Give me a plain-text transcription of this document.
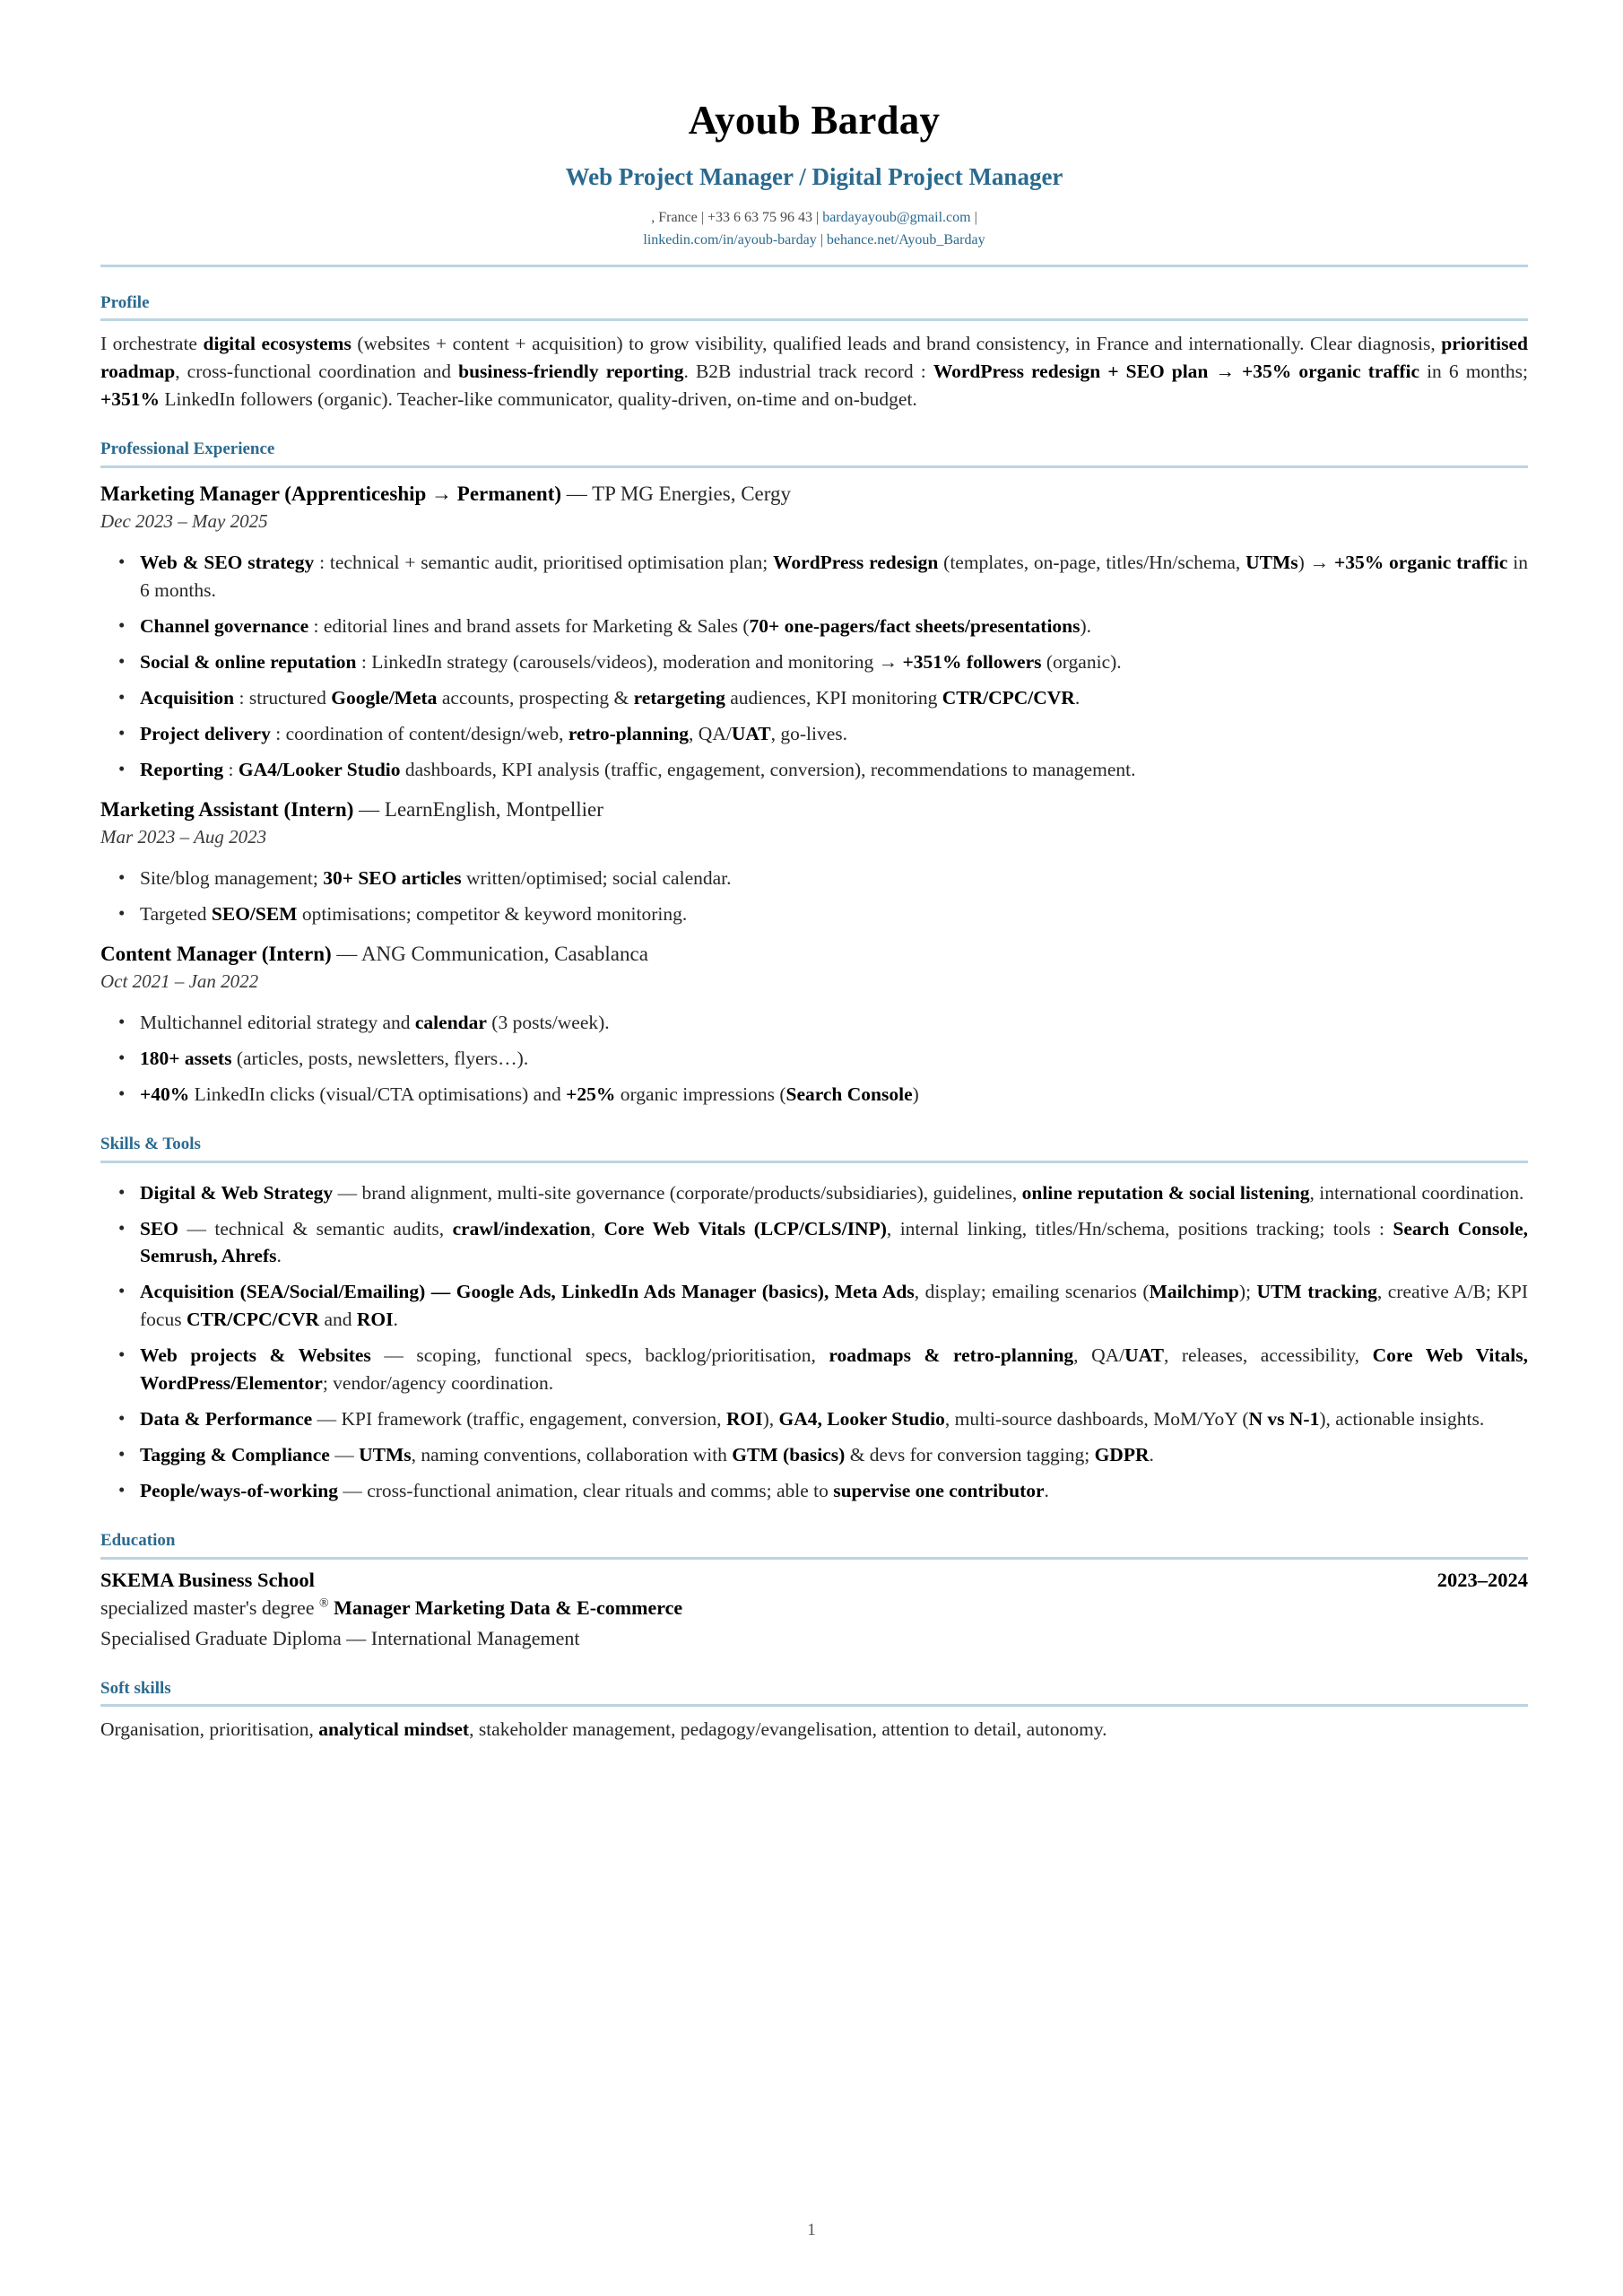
Ayoub Barday
Web Project Manager / Digital Project Manager
, France | +33 6 63 75 96 43 | bardayayoub@gmail.com |
linkedin.com/in/ayoub-barday | behance.net/Ayoub_Barday
Profile

I orchestrate digital ecosystems (websites + content + acquisition) to grow visibility, qualified leads and brand consistency, in France and internationally. Clear diagnosis, prioritised roadmap, cross-functional coordination and business-friendly reporting. B2B industrial track record : WordPress redesign + SEO plan → +35% organic traffic in 6 months; +351% LinkedIn followers (organic). Teacher-like communicator, quality-driven, on-time and on-budget.

Professional Experience
Marketing Manager (Apprenticeship → Permanent) — TP MG Energies, Cergy
Dec 2023 – May 2025
• Web & SEO strategy : technical + semantic audit, prioritised optimisation plan; WordPress redesign (templates, on-page, titles/Hn/schema, UTMs) → +35% organic traffic in 6 months.
• Channel governance : editorial lines and brand assets for Marketing & Sales (70+ one-pagers/fact sheets/presentations).
• Social & online reputation : LinkedIn strategy (carousels/videos), moderation and monitoring → +351% followers (organic).
• Acquisition : structured Google/Meta accounts, prospecting & retargeting audiences, KPI monitoring CTR/CPC/CVR.
• Project delivery : coordination of content/design/web, retro-planning, QA/UAT, go-lives.
• Reporting : GA4/Looker Studio dashboards, KPI analysis (traffic, engagement, conversion), recommendations to management.
Marketing Assistant (Intern) — LearnEnglish, Montpellier
Mar 2023 – Aug 2023
• Site/blog management; 30+ SEO articles written/optimised; social calendar.
• Targeted SEO/SEM optimisations; competitor & keyword monitoring.
Content Manager (Intern) — ANG Communication, Casablanca
Oct 2021 – Jan 2022
• Multichannel editorial strategy and calendar (3 posts/week).
• 180+ assets (articles, posts, newsletters, flyers…).
• +40% LinkedIn clicks (visual/CTA optimisations) and +25% organic impressions (Search Console)
Skills & Tools
• Digital & Web Strategy — brand alignment, multi-site governance (corporate/products/subsidiaries), guidelines, online reputation & social listening, international coordination.
• SEO — technical & semantic audits, crawl/indexation, Core Web Vitals (LCP/CLS/INP), internal linking, titles/Hn/schema, positions tracking; tools : Search Console, Semrush, Ahrefs.
• Acquisition (SEA/Social/Emailing) — Google Ads, LinkedIn Ads Manager (basics), Meta Ads, display; emailing scenarios (Mailchimp); UTM tracking, creative A/B; KPI focus CTR/CPC/CVR and ROI.
• Web projects & Websites — scoping, functional specs, backlog/prioritisation, roadmaps & retro-planning, QA/UAT, releases, accessibility, Core Web Vitals, WordPress/Elementor; vendor/agency coordination.
• Data & Performance — KPI framework (traffic, engagement, conversion, ROI), GA4, Looker Studio, multi-source dashboards, MoM/YoY (N vs N-1), actionable insights.
• Tagging & Compliance — UTMs, naming conventions, collaboration with GTM (basics) & devs for conversion tagging; GDPR.
• People/ways-of-working — cross-functional animation, clear rituals and comms; able to supervise one contributor.
Education
SKEMA Business School	2023–2024
specialized master's degree ® Manager Marketing Data & E-commerce
Specialised Graduate Diploma — International Management
Soft skills

Organisation, prioritisation, analytical mindset, stakeholder management, pedagogy/evangelisation, attention to detail, autonomy.

1
